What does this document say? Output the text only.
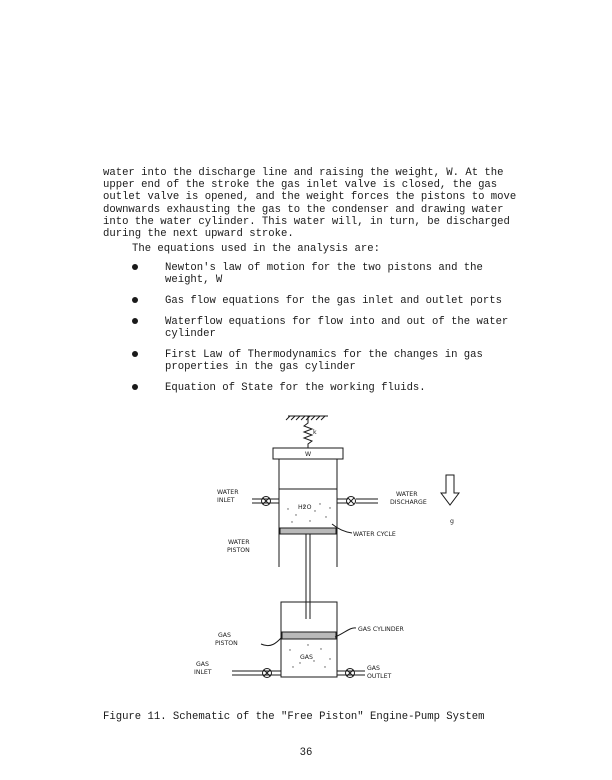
water into the discharge line and raising the weight, W. At the upper end of the stroke the gas inlet valve is closed, the gas outlet valve is opened, and the weight forces the pistons to move downwards exhausting the gas to the condenser and drawing water into the water cylinder. This water will, in turn, be discharged during the next upward stroke.

The equations used in the analysis are:

Newton's law of motion for the two pistons and the weight, W
Gas flow equations for the gas inlet and outlet ports
Waterflow equations for flow into and out of the water cylinder
First Law of Thermodynamics for the changes in gas properties in the gas cylinder
Equation of State for the working fluids.
k
W
WATER
INLET
WATER
DISCHARGE
H2O
WATER CYCLE
WATER
PISTON
g
GAS CYLINDER
GAS
PISTON
GAS
GAS
INLET
GAS
OUTLET

Figure 11. Schematic of the "Free Piston" Engine-Pump System

36
